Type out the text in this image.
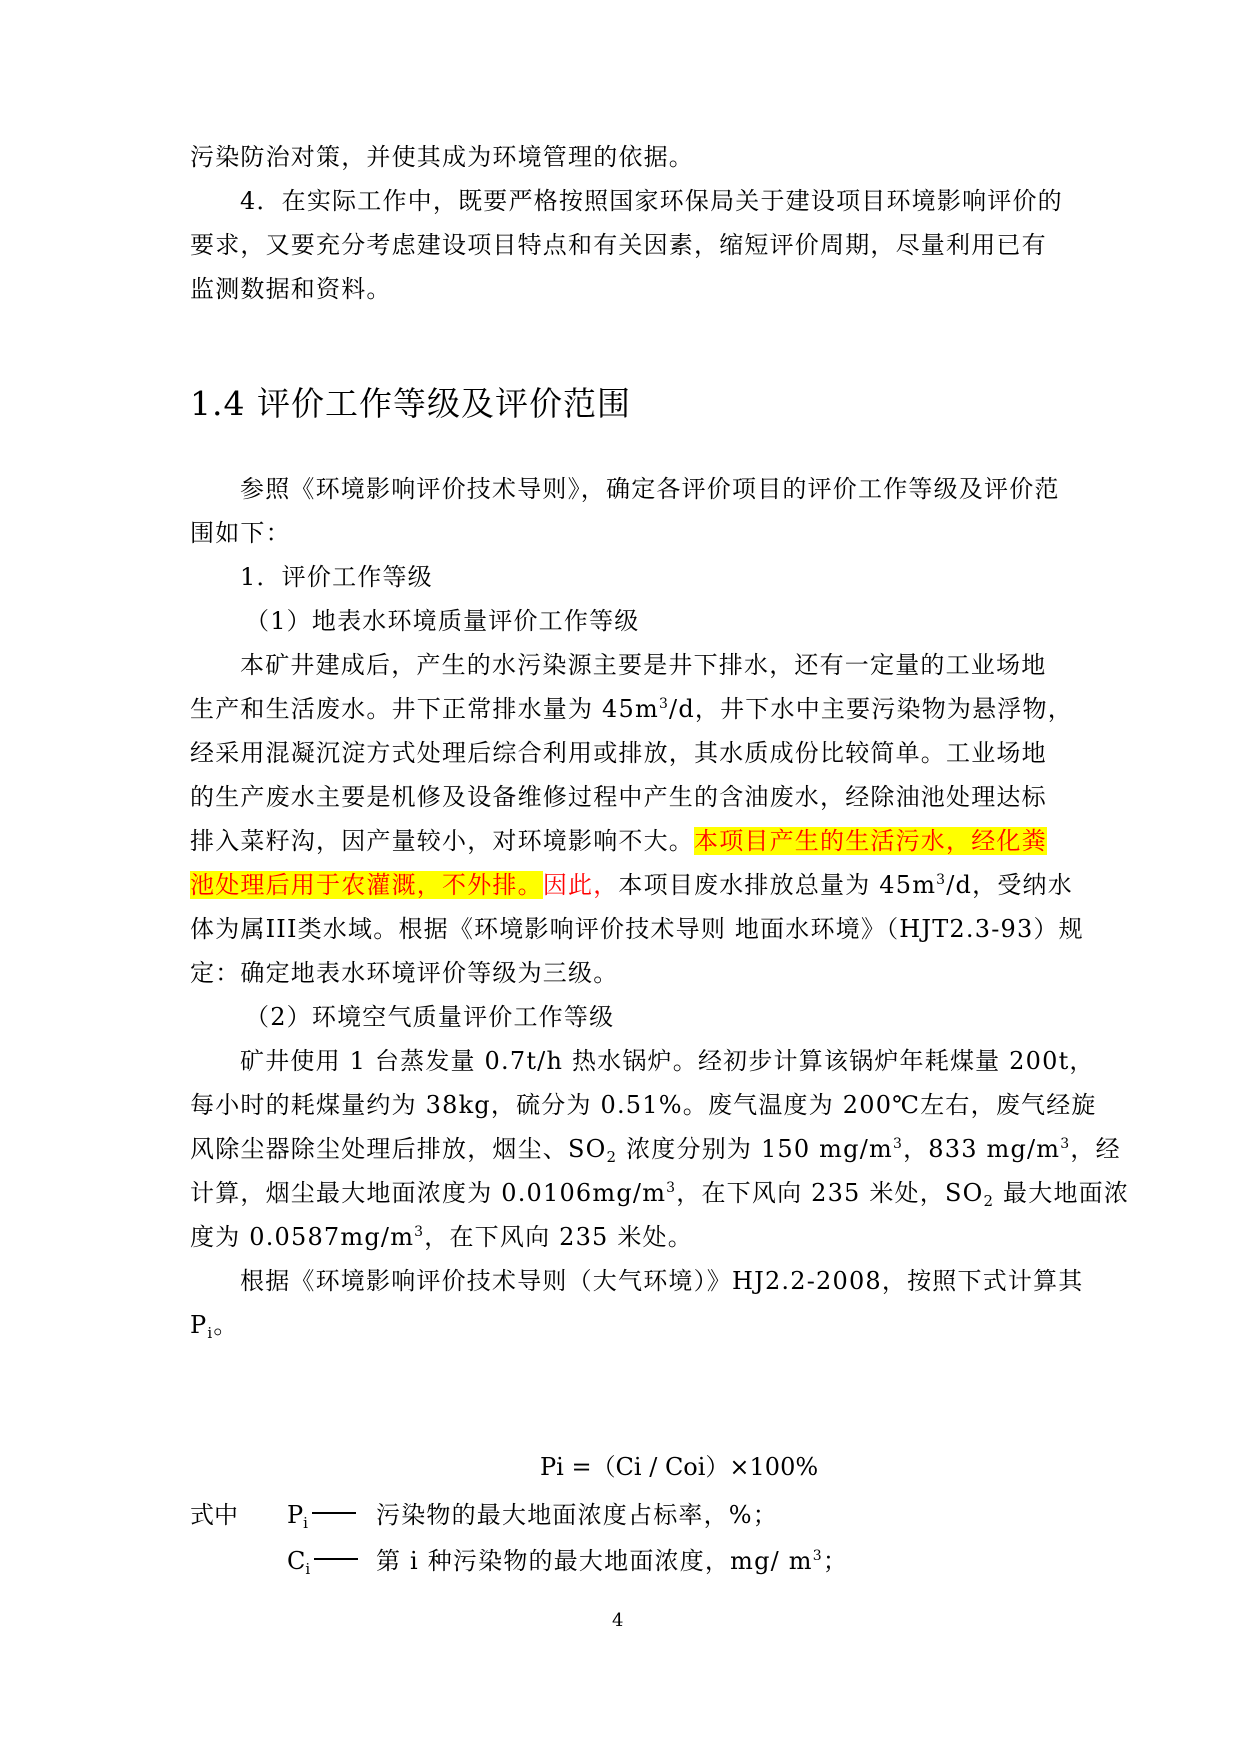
污染防治对策，并使其成为环境管理的依据。
4．在实际工作中，既要严格按照国家环保局关于建设项目环境影响评价的
要求，又要充分考虑建设项目特点和有关因素，缩短评价周期，尽量利用已有
监测数据和资料。
1.4 评价工作等级及评价范围
参照《环境影响评价技术导则》，确定各评价项目的评价工作等级及评价范
围如下：
1．评价工作等级
（1）地表水环境质量评价工作等级
本矿井建成后，产生的水污染源主要是井下排水，还有一定量的工业场地
生产和生活废水。井下正常排水量为 $45m^3/d$，井下水中主要污染物为悬浮物，
经采用混凝沉淀方式处理后综合利用或排放，其水质成份比较简单。工业场地
的生产废水主要是机修及设备维修过程中产生的含油废水，经除油池处理达标
排入菜籽沟，因产量较小，对环境影响不大。本项目产生的生活污水，经化粪
池处理后用于农灌溉，不外排。因此，本项目废水排放总量为 $45m^3/d$，受纳水
体为属III类水域。根据《环境影响评价技术导则 地面水环境》（HJT2.3-93）规
定：确定地表水环境评价等级为三级。
（2）环境空气质量评价工作等级
矿井使用 1 台蒸发量 0.7t/h 热水锅炉。经初步计算该锅炉年耗煤量 200t，
每小时的耗煤量约为 38kg，硫分为 0.51%。废气温度为 200℃左右，废气经旋
风除尘器除尘处理后排放，烟尘、$SO_2$ 浓度分别为 150 $mg/m^3$，833 $mg/m^3$，经
计算，烟尘最大地面浓度为 $0.0106mg/m^3$，在下风向 235 米处，$SO_2$ 最大地面浓
度为 $0.0587mg/m^3$，在下风向 235 米处。
根据《环境影响评价技术导则（大气环境）》HJ2.2-2008，按照下式计算其
$P_i$。
Pi =（Ci / Coi）×100%
式中 $P_i$	污染物的最大地面浓度占标率，%；
$C_i$	第 i 种污染物的最大地面浓度，mg/ $m^3$；
4
